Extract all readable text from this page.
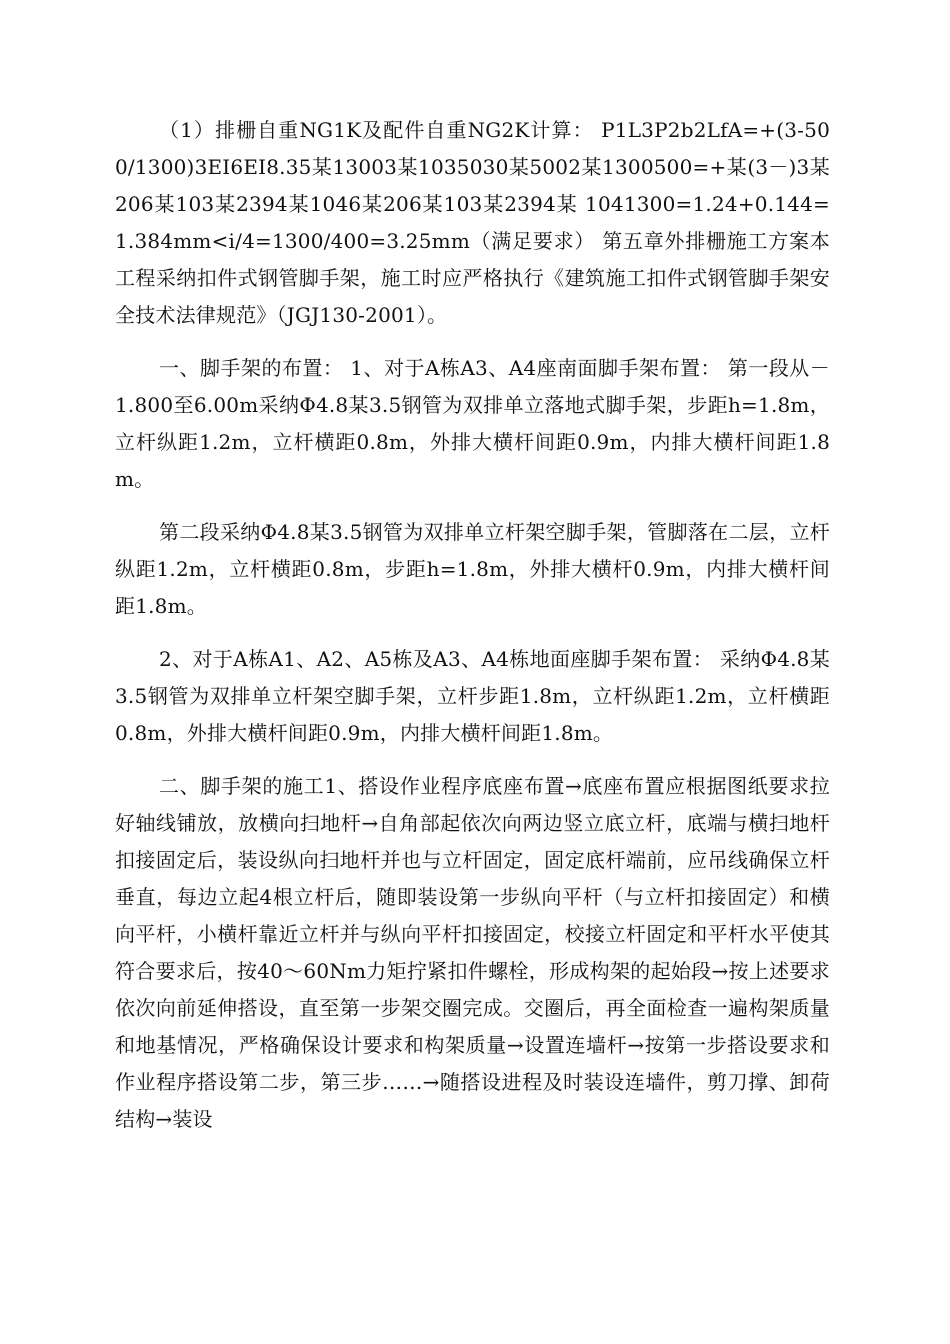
（1）排栅自重NG1K及配件自重NG2K计算： P1L3P2b2LfA=+(3-500/1300)3EI6EI8.35某13003某1035030某5002某1300500=+某(3－)3某206某103某2394某1046某206某103某2394某 1041300=1.24+0.144=1.384mm<i/4=1300/400=3.25mm（满足要求） 第五章外排栅施工方案本工程采纳扣件式钢管脚手架，施工时应严格执行《建筑施工扣件式钢管脚手架安全技术法律规范》（JGJ130-2001）。

一、脚手架的布置： 1、对于A栋A3、A4座南面脚手架布置： 第一段从－1.800至6.00m采纳Φ4.8某3.5钢管为双排单立落地式脚手架，步距h=1.8m，立杆纵距1.2m，立杆横距0.8m，外排大横杆间距0.9m，内排大横杆间距1.8m。

第二段采纳Φ4.8某3.5钢管为双排单立杆架空脚手架，管脚落在二层，立杆纵距1.2m，立杆横距0.8m，步距h=1.8m，外排大横杆0.9m，内排大横杆间距1.8m。

2、对于A栋A1、A2、A5栋及A3、A4栋地面座脚手架布置： 采纳Φ4.8某3.5钢管为双排单立杆架空脚手架，立杆步距1.8m，立杆纵距1.2m，立杆横距0.8m，外排大横杆间距0.9m，内排大横杆间距1.8m。

二、脚手架的施工1、搭设作业程序底座布置→底座布置应根据图纸要求拉好轴线铺放，放横向扫地杆→自角部起依次向两边竖立底立杆，底端与横扫地杆扣接固定后，装设纵向扫地杆并也与立杆固定，固定底杆端前，应吊线确保立杆垂直，每边立起4根立杆后，随即装设第一步纵向平杆（与立杆扣接固定）和横向平杆，小横杆靠近立杆并与纵向平杆扣接固定，校接立杆固定和平杆水平使其符合要求后，按40～60Nm力矩拧紧扣件螺栓，形成构架的起始段→按上述要求依次向前延伸搭设，直至第一步架交圈完成。交圈后，再全面检查一遍构架质量和地基情况，严格确保设计要求和构架质量→设置连墙杆→按第一步搭设要求和作业程序搭设第二步，第三步……→随搭设进程及时装设连墙件，剪刀撑、卸荷结构→装设
